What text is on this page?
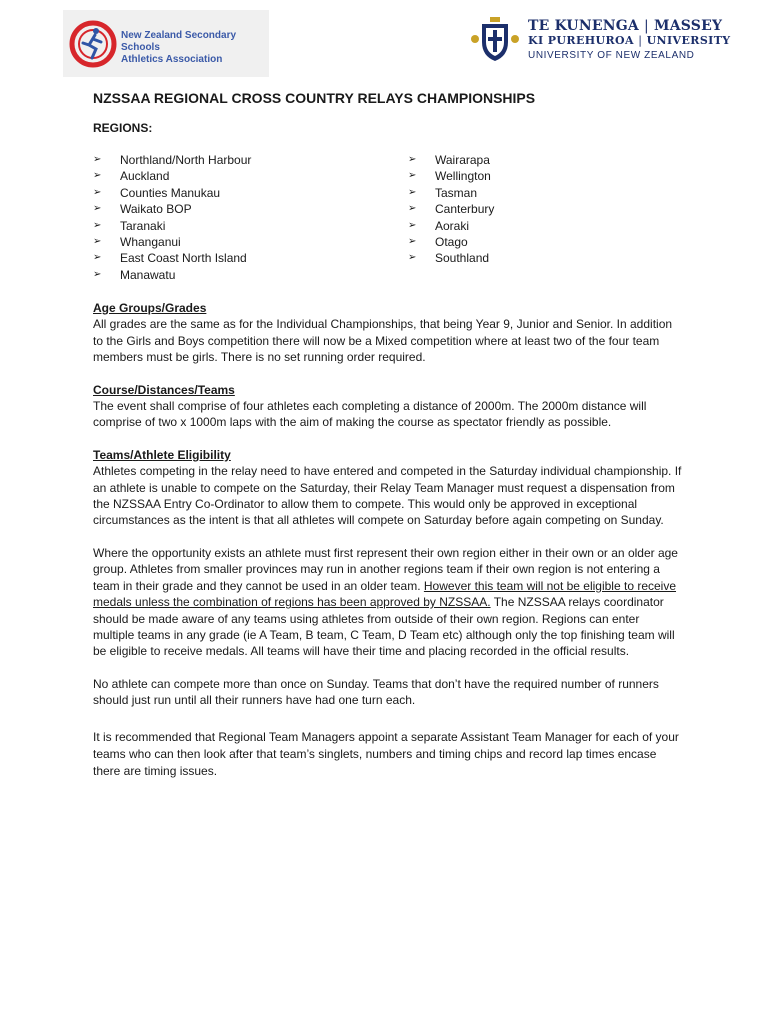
New Zealand Secondary Schools
Athletics Association
TE KUNENGA | MASSEY
KI PUREHUROA | UNIVERSITY
UNIVERSITY OF NEW ZEALAND
NZSSAA REGIONAL CROSS COUNTRY RELAYS CHAMPIONSHIPS
REGIONS:
➢ Northland/North Harbour
➢ Auckland
➢ Counties Manukau
➢ Waikato BOP
➢ Taranaki
➢ Whanganui
➢ East Coast North Island
➢ Manawatu
➢ Wairarapa
➢ Wellington
➢ Tasman
➢ Canterbury
➢ Aoraki
➢ Otago
➢ Southland
Age Groups/Grades

All grades are the same as for the Individual Championships, that being Year 9, Junior and Senior. In addition to the Girls and Boys competition there will now be a Mixed competition where at least two of the four team members must be girls. There is no set running order required.

Course/Distances/Teams

The event shall comprise of four athletes each completing a distance of 2000m. The 2000m distance will comprise of two x 1000m laps with the aim of making the course as spectator friendly as possible.

Teams/Athlete Eligibility

Athletes competing in the relay need to have entered and competed in the Saturday individual championship. If an athlete is unable to compete on the Saturday, their Relay Team Manager must request a dispensation from the NZSSAA Entry Co-Ordinator to allow them to compete. This would only be approved in exceptional circumstances as the intent is that all athletes will compete on Saturday before again competing on Sunday.

Where the opportunity exists an athlete must first represent their own region either in their own or an older age group. Athletes from smaller provinces may run in another regions team if their own region is not entering a team in their grade and they cannot be used in an older team. However this team will not be eligible to receive medals unless the combination of regions has been approved by NZSSAA. The NZSSAA relays coordinator should be made aware of any teams using athletes from outside of their own region. Regions can enter multiple teams in any grade (ie A Team, B team, C Team, D Team etc) although only the top finishing team will be eligible to receive medals. All teams will have their time and placing recorded in the official results.

No athlete can compete more than once on Sunday. Teams that don’t have the required number of runners should just run until all their runners have had one turn each.

It is recommended that Regional Team Managers appoint a separate Assistant Team Manager for each of your teams who can then look after that team’s singlets, numbers and timing chips and record lap times encase there are timing issues.
